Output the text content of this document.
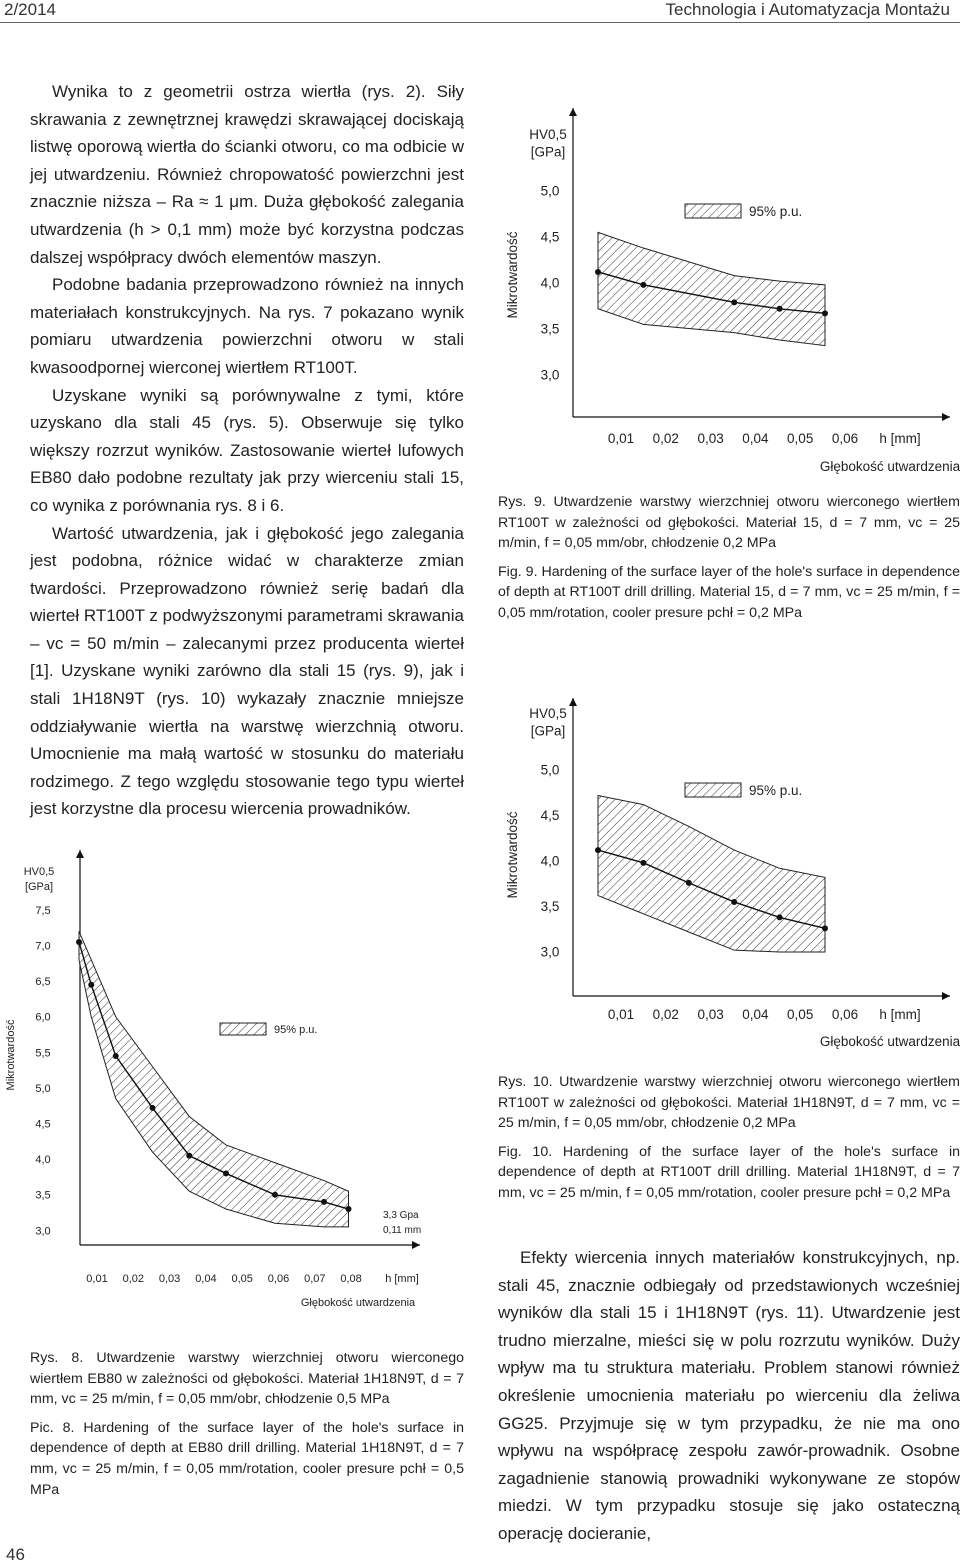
2/2014	Technologia i Automatyzacja Montażu

Wynika to z geometrii ostrza wiertła (rys. 2). Siły skrawania z zewnętrznej krawędzi skrawającej dociskają listwę oporową wiertła do ścianki otworu, co ma odbicie w jej utwardzeniu. Również chropowatość powierzchni jest znacznie niższa – Ra ≈ 1 μm. Duża głębokość zalegania utwardzenia (h > 0,1 mm) może być korzystna podczas dalszej współpracy dwóch elementów maszyn.

Podobne badania przeprowadzono również na innych materiałach konstrukcyjnych. Na rys. 7 pokazano wynik pomiaru utwardzenia powierzchni otworu w stali kwasoodpornej wierconej wiertłem RT100T.

Uzyskane wyniki są porównywalne z tymi, które uzyskano dla stali 45 (rys. 5). Obserwuje się tylko większy rozrzut wyników. Zastosowanie wierteł lufowych EB80 dało podobne rezultaty jak przy wierceniu stali 15, co wynika z porównania rys. 8 i 6.

Wartość utwardzenia, jak i głębokość jego zalegania jest podobna, różnice widać w charakterze zmian twardości. Przeprowadzono również serię badań dla wierteł RT100T z podwyższonymi parametrami skrawania – vc = 50 m/min – zalecanymi przez producenta wierteł [1]. Uzyskane wyniki zarówno dla stali 15 (rys. 9), jak i stali 1H18N9T (rys. 10) wykazały znacznie mniejsze oddziaływanie wiertła na warstwę wierzchnią otworu. Umocnienie ma małą wartość w stosunku do materiału rodzimego. Z tego względu stosowanie tego typu wierteł jest korzystne dla procesu wiercenia prowadników.

HV0,5
[GPa]
5,0
4,5
4,0
3,5
3,0
Mikrotwardość
0,01 0,02 0,03 0,04 0,05 0,06 h [mm]
Głębokość utwardzenia
95% p.u.

Rys. 9. Utwardzenie warstwy wierzchniej otworu wierconego wiertłem RT100T w zależności od głębokości. Materiał 15, d = 7 mm, vc = 25 m/min, f = 0,05 mm/obr, chłodzenie 0,2 MPa

Fig. 9. Hardening of the surface layer of the hole's surface in dependence of depth at RT100T drill drilling. Material 15, d = 7 mm, vc = 25 m/min, f = 0,05 mm/rotation, cooler presure pchł = 0,2 MPa

HV0,5
[GPa]
5,0
4,5
4,0
3,5
3,0
Mikrotwardość
0,01 0,02 0,03 0,04 0,05 0,06 h [mm]
Głębokość utwardzenia
95% p.u.

Rys. 10. Utwardzenie warstwy wierzchniej otworu wierconego wiertłem RT100T w zależności od głębokości. Materiał 1H18N9T, d = 7 mm, vc = 25 m/min, f = 0,05 mm/obr, chłodzenie 0,2 MPa

Fig. 10. Hardening of the surface layer of the hole's surface in dependence of depth at RT100T drill drilling. Material 1H18N9T, d = 7 mm, vc = 25 m/min, f = 0,05 mm/rotation, cooler presure pchł = 0,2 MPa

Efekty wiercenia innych materiałów konstrukcyjnych, np. stali 45, znacznie odbiegały od przedstawionych wcześniej wyników dla stali 15 i 1H18N9T (rys. 11). Utwardzenie jest trudno mierzalne, mieści się w polu rozrzutu wyników. Duży wpływ ma tu struktura materiału. Problem stanowi również określenie umocnienia materiału po wierceniu dla żeliwa GG25. Przyjmuje się w tym przypadku, że nie ma ono wpływu na współpracę zespołu zawór-prowadnik. Osobne zagadnienie stanowią prowadniki wykonywane ze stopów miedzi. W tym przypadku stosuje się jako ostateczną operację docieranie,

HV0,5
[GPa]
7,5
7,0
6,5
6,0
5,5
5,0
4,5
4,0
3,5
3,0
Mikrotwardość
0,01 0,02 0,03 0,04 0,05 0,06 0,07 0,08 h [mm]
Głębokość utwardzenia
95% p.u.
3,3 Gpa
0,11 mm

Rys. 8. Utwardzenie warstwy wierzchniej otworu wierconego wiertłem EB80 w zależności od głębokości. Materiał 1H18N9T, d = 7 mm, vc = 25 m/min, f = 0,05 mm/obr, chłodzenie 0,5 MPa

Pic. 8. Hardening of the surface layer of the hole's surface in dependence of depth at EB80 drill drilling. Material 1H18N9T, d = 7 mm, vc = 25 m/min, f = 0,05 mm/rotation, cooler presure pchł = 0,5 MPa

46
